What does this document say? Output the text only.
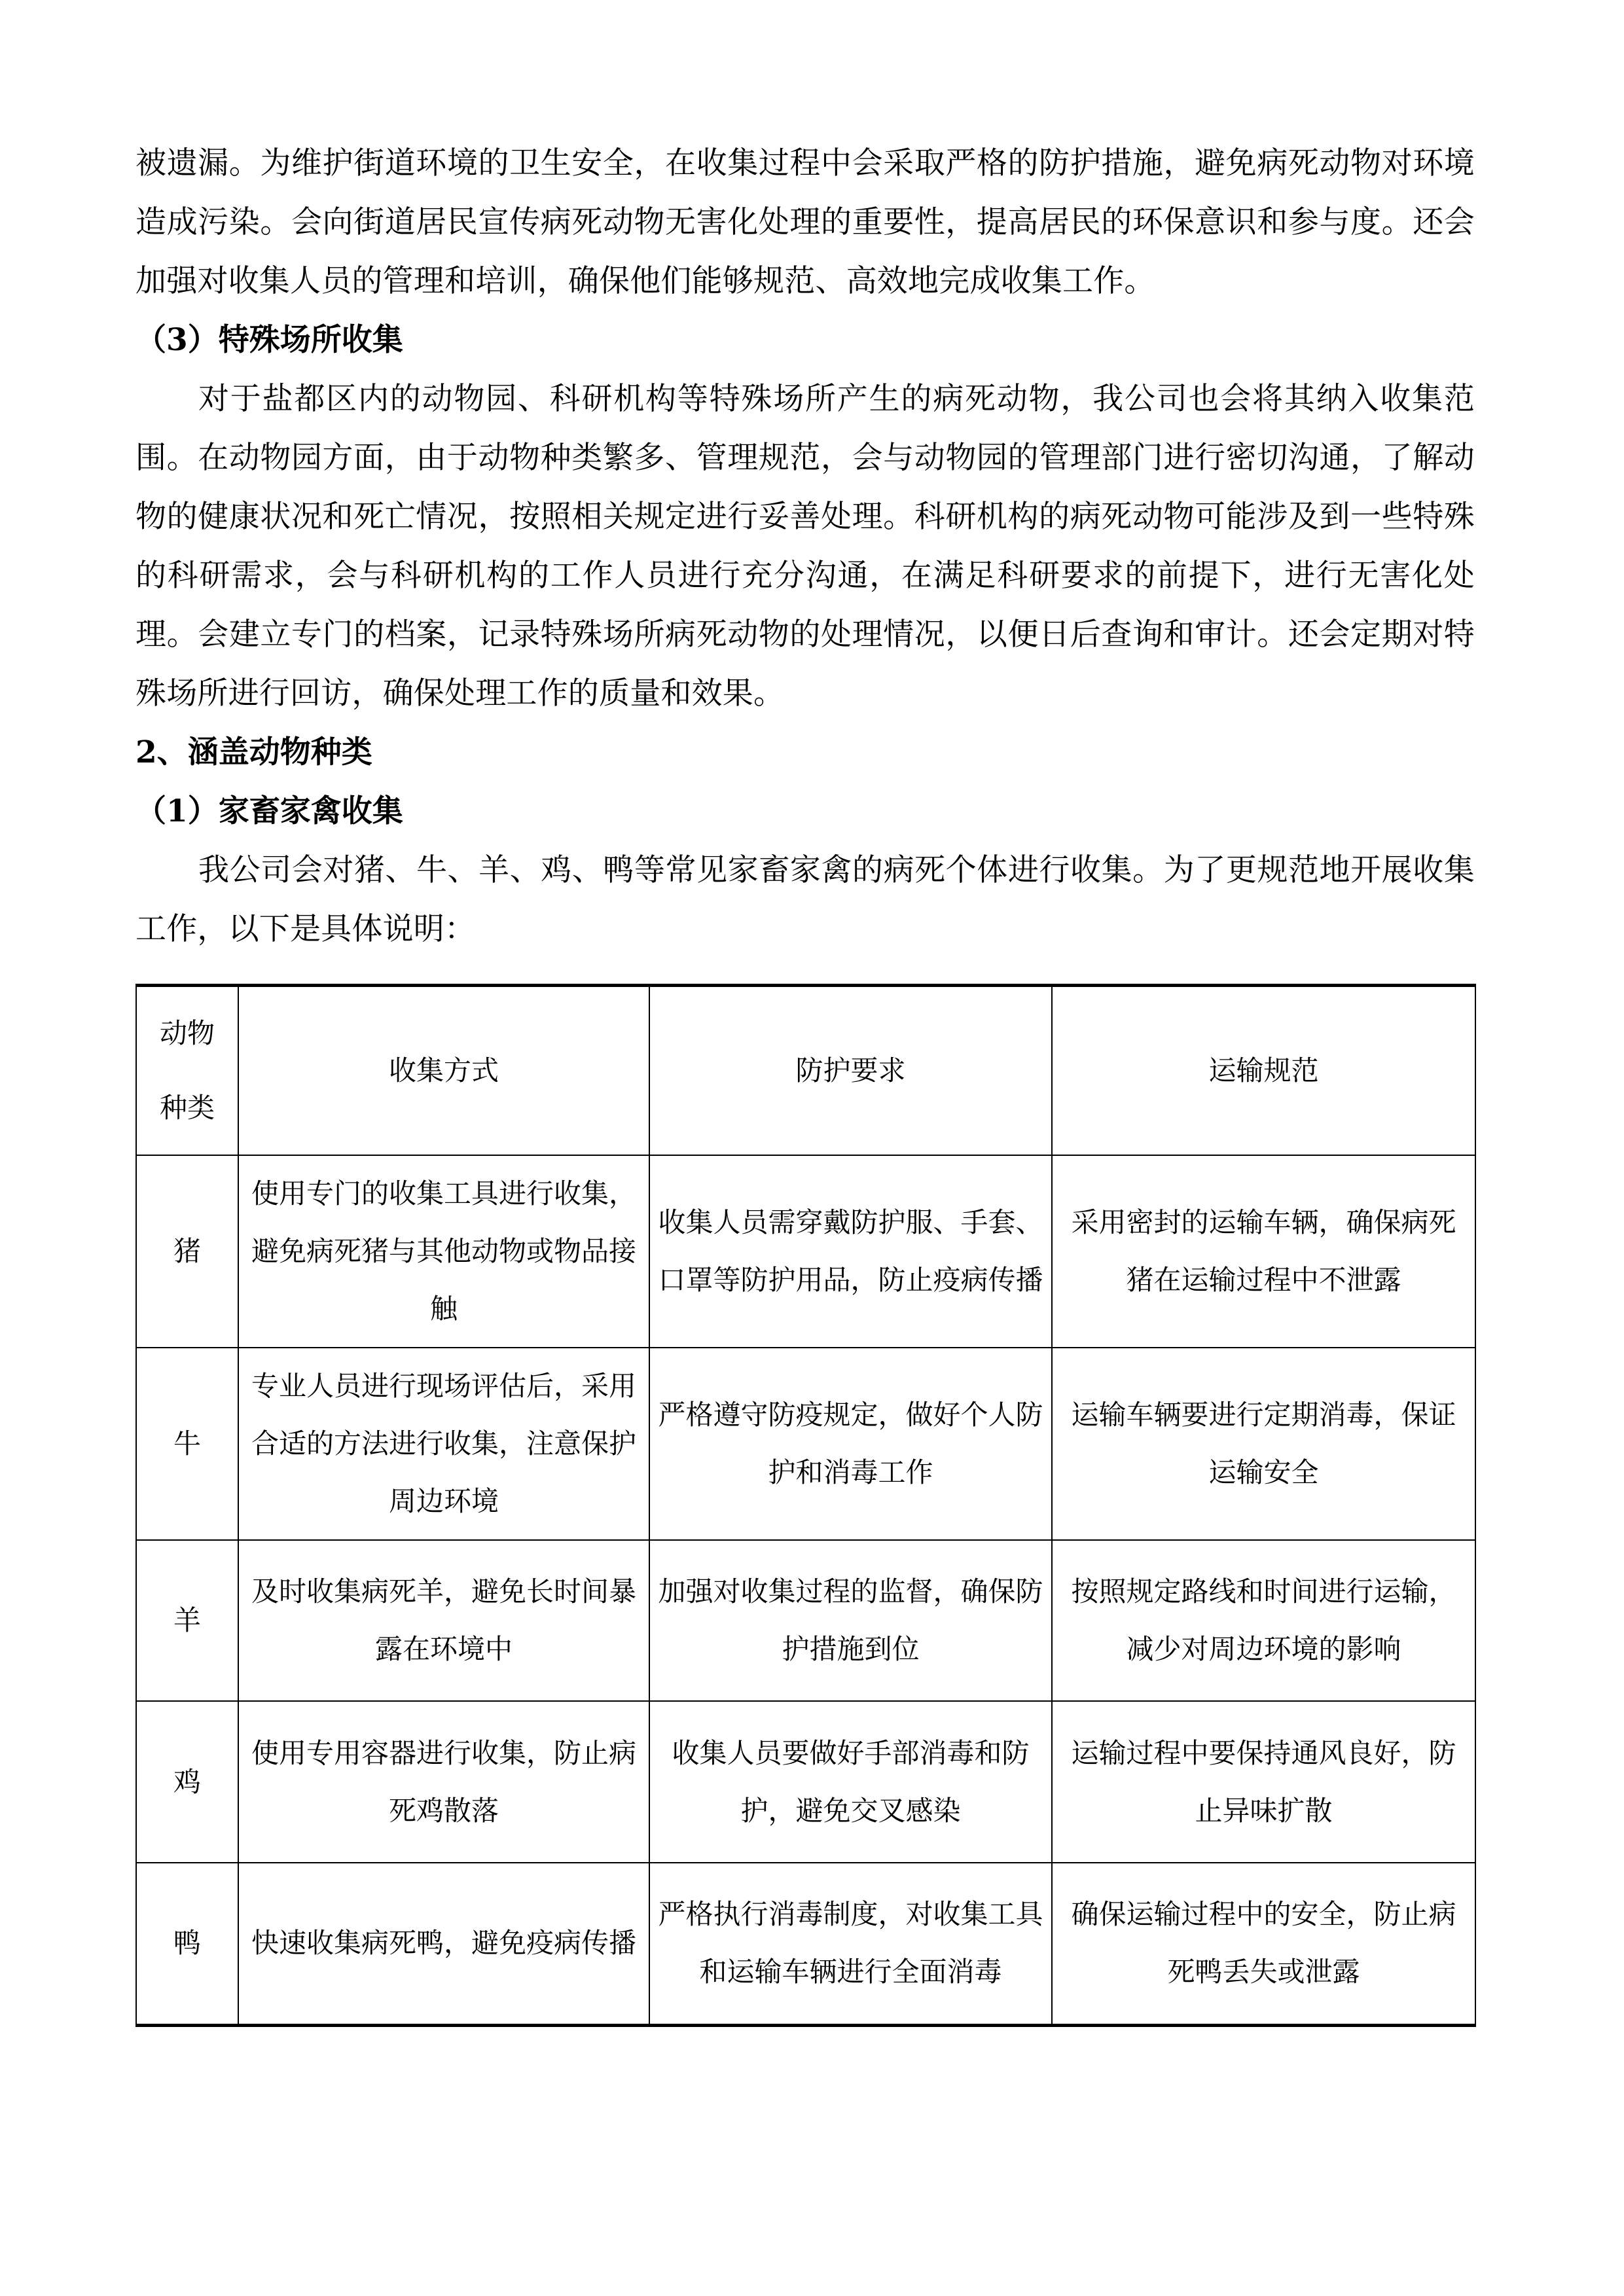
被遗漏。为维护街道环境的卫生安全，在收集过程中会采取严格的防护措施，避免病死动物对环境造成污染。会向街道居民宣传病死动物无害化处理的重要性，提高居民的环保意识和参与度。还会加强对收集人员的管理和培训，确保他们能够规范、高效地完成收集工作。

（3）特殊场所收集

对于盐都区内的动物园、科研机构等特殊场所产生的病死动物，我公司也会将其纳入收集范围。在动物园方面，由于动物种类繁多、管理规范，会与动物园的管理部门进行密切沟通，了解动物的健康状况和死亡情况，按照相关规定进行妥善处理。科研机构的病死动物可能涉及到一些特殊的科研需求，会与科研机构的工作人员进行充分沟通，在满足科研要求的前提下，进行无害化处理。会建立专门的档案，记录特殊场所病死动物的处理情况，以便日后查询和审计。还会定期对特殊场所进行回访，确保处理工作的质量和效果。

2、涵盖动物种类
（1）家畜家禽收集

我公司会对猪、牛、羊、鸡、鸭等常见家畜家禽的病死个体进行收集。为了更规范地开展收集工作，以下是具体说明：

动物
种类	收集方式	防护要求	运输规范
猪	使用专门的收集工具进行收集，避免病死猪与其他动物或物品接触	收集人员需穿戴防护服、手套、口罩等防护用品，防止疫病传播	采用密封的运输车辆，确保病死猪在运输过程中不泄露
牛	专业人员进行现场评估后，采用合适的方法进行收集，注意保护周边环境	严格遵守防疫规定，做好个人防护和消毒工作	运输车辆要进行定期消毒，保证运输安全
羊	及时收集病死羊，避免长时间暴露在环境中	加强对收集过程的监督，确保防护措施到位	按照规定路线和时间进行运输，减少对周边环境的影响
鸡	使用专用容器进行收集，防止病死鸡散落	收集人员要做好手部消毒和防护，避免交叉感染	运输过程中要保持通风良好，防止异味扩散
鸭	快速收集病死鸭，避免疫病传播	严格执行消毒制度，对收集工具和运输车辆进行全面消毒	确保运输过程中的安全，防止病死鸭丢失或泄露
